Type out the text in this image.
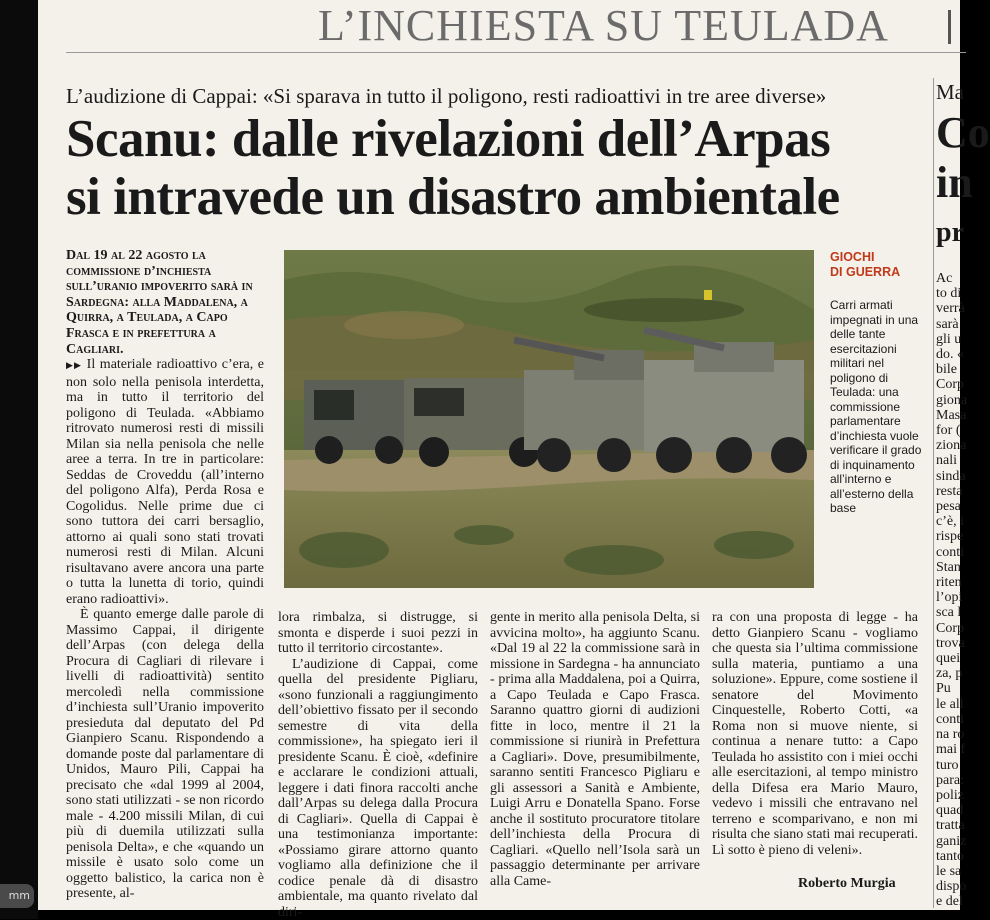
mm
L’INCHIESTA SU TEULADA
L’audizione di Cappai: «Si sparava in tutto il poligono, resti radioattivi in tre aree diverse»
Scanu: dalle rivelazioni dell’Arpas
si intravede un disastro ambientale

Dal 19 al 22 agosto la commissione d’inchiesta sull’uranio impoverito sarà in Sardegna: alla Maddalena, a Quirra, a Teulada, a Capo Frasca e in prefettura a Cagliari.

▶▶ Il materiale radioattivo c’era, e non solo nella penisola interdetta, ma in tutto il territorio del poligono di Teulada. «Abbiamo ritrovato numerosi resti di missili Milan sia nella penisola che nelle aree a terra. In tre in particolare: Seddas de Croveddu (all’interno del poligono Alfa), Perda Rosa e Cogolidus. Nelle prime due ci sono tuttora dei carri bersaglio, attorno ai quali sono stati trovati numerosi resti di Milan. Alcuni risultavano avere ancora una parte o tutta la lunetta di torio, quindi erano radioattivi».

È quanto emerge dalle parole di Massimo Cappai, il dirigente dell’Arpas (con delega della Procura di Cagliari di rilevare i livelli di radioattività) sentito mercoledì nella commissione d’inchiesta sull’Uranio impoverito presieduta dal deputato del Pd Gianpiero Scanu. Rispondendo a domande poste dal parlamentare di Unidos, Mauro Pili, Cappai ha precisato che «dal 1999 al 2004, sono stati utilizzati - se non ricordo male - 4.200 missili Milan, di cui più di duemila utilizzati sulla penisola Delta», e che «quando un missile è usato solo come un oggetto balistico, la carica non è presente, al-

GIOCHI
DI GUERRA
Carri armati impegnati in una delle tante esercitazioni militari nel poligono di Teulada: una commissione parlamentare d’inchiesta vuole verificare il grado di inquinamento all’interno e all’esterno della base

lora rimbalza, si distrugge, si smonta e disperde i suoi pezzi in tutto il territorio circostante».

L’audizione di Cappai, come quella del presidente Pigliaru, «sono funzionali a raggiungimento dell’obiettivo fissato per il secondo semestre di vita della commissione», ha spiegato ieri il presidente Scanu. È cioè, «definire e acclarare le condizioni attuali, leggere i dati finora raccolti anche dall’Arpas su delega dalla Procura di Cagliari». Quella di Cappai è una testimonianza importante: «Possiamo girare attorno quanto vogliamo alla definizione che il codice penale dà di disastro ambientale, ma quanto rivelato dal diri-

gente in merito alla penisola Delta, si avvicina molto», ha aggiunto Scanu. «Dal 19 al 22 la commissione sarà in missione in Sardegna - ha annunciato - prima alla Maddalena, poi a Quirra, a Capo Teulada e Capo Frasca. Saranno quattro giorni di audizioni fitte in loco, mentre il 21 la commissione si riunirà in Prefettura a Cagliari». Dove, presumibilmente, saranno sentiti Francesco Pigliaru e gli assessori a Sanità e Ambiente, Luigi Arru e Donatella Spano. Forse anche il sostituto procuratore titolare dell’inchiesta della Procura di Cagliari. «Quello nell’Isola sarà un passaggio determinante per arrivare alla Came-

ra con una proposta di legge - ha detto Gianpiero Scanu - vogliamo che questa sia l’ultima commissione sulla materia, puntiamo a una soluzione». Eppure, come sostiene il senatore del Movimento Cinquestelle, Roberto Cotti, «a Roma non si muove niente, si continua a nenare tutto: a Capo Teulada ho assistito con i miei occhi alle esercitazioni, al tempo ministro della Difesa era Mario Mauro, vedevo i missili che entravano nel terreno e scomparivano, e non mi risulta che siano stati mai recuperati. Lì sotto è pieno di veleni».

Roberto Murgia
Ma
Co
in
pr
Ac
to di
verrà
sarà
gli u
do. «
bile
Corp
giona
Masa
for (
ziona
nali
sinda
resta
pesa
c’è, i
rispe
conti
Stan
riten
l’opi
sca l
Corp
trova
quei
za, p
Pu
le all
conti
na ro
mai f
turo
para:
poliz
quad
tratta
ganiz
tanto
le sa
dispo
e del
